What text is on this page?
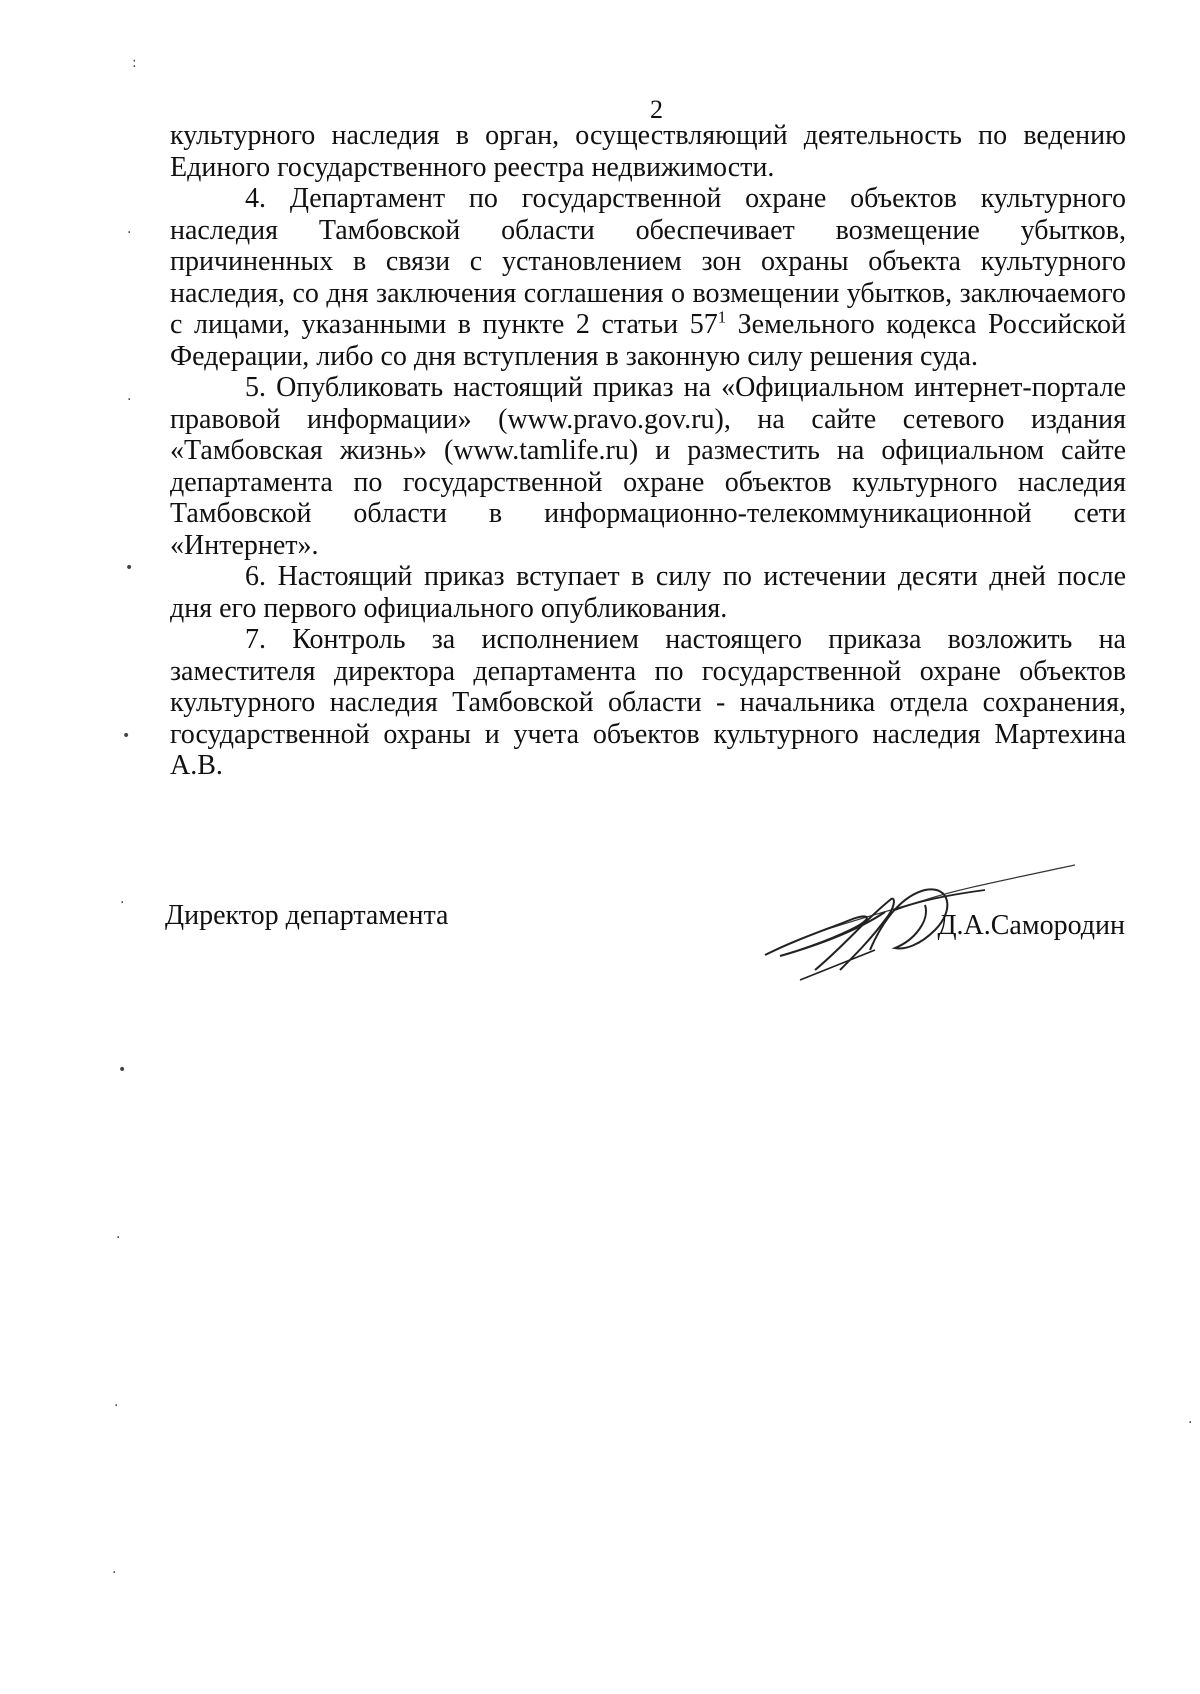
2

культурного наследия в орган, осуществляющий деятельность по ведению Единого государственного реестра недвижимости.

4. Департамент по государственной охране объектов культурного наследия Тамбовской области обеспечивает возмещение убытков, причиненных в связи с установлением зон охраны объекта культурного наследия, со дня заключения соглашения о возмещении убытков, заключаемого с лицами, указанными в пункте 2 статьи $57^1$ Земельного кодекса Российской Федерации, либо со дня вступления в законную силу решения суда.

5. Опубликовать настоящий приказ на «Официальном интернет-портале правовой информации» (www.pravo.gov.ru), на сайте сетевого издания «Тамбовская жизнь» (www.tamlife.ru) и разместить на официальном сайте департамента по государственной охране объектов культурного наследия Тамбовской области в информационно-телекоммуникационной сети «Интернет».

6. Настоящий приказ вступает в силу по истечении десяти дней после дня его первого официального опубликования.

7. Контроль за исполнением настоящего приказа возложить на заместителя директора департамента по государственной охране объектов культурного наследия Тамбовской области - начальника отдела сохранения, государственной охраны и учета объектов культурного наследия Мартехина А.В.

Директор департамента	Д.А.Самородин
:
·
·
•
•
·
•
·
·
·
·
